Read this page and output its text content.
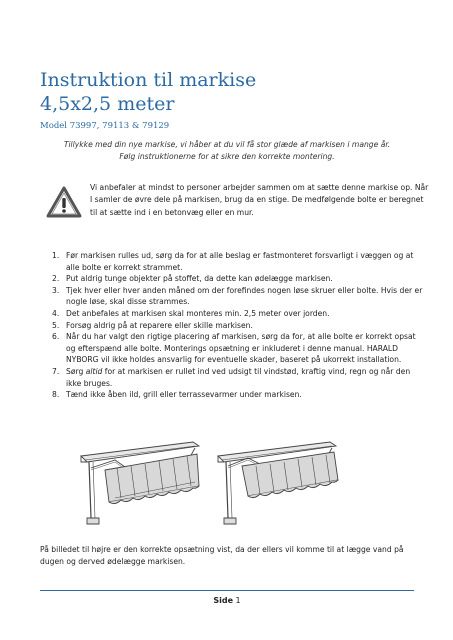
Instruktion til markise
4,5x2,5 meter
Model 73997, 79113 & 79129
Tillykke med din nye markise, vi håber at du vil få stor glæde af markisen i mange år.
Følg instruktionerne for at sikre den korrekte montering.
Vi anbefaler at mindst to personer arbejder sammen om at sætte denne markise op. Når I samler de øvre dele på markisen, brug da en stige. De medfølgende bolte er beregnet til at sætte ind i en betonvæg eller en mur.
1. Før markisen rulles ud, sørg da for at alle beslag er fastmonteret forsvarligt i væggen og at alle bolte er korrekt strammet.
2. Put aldrig tunge objekter på stoffet, da dette kan ødelægge markisen.
3. Tjek hver eller hver anden måned om der forefindes nogen løse skruer eller bolte. Hvis der er nogle løse, skal disse strammes.
4. Det anbefales at markisen skal monteres min. 2,5 meter over jorden.
5. Forsøg aldrig på at reparere eller skille markisen.
6. Når du har valgt den rigtige placering af markisen, sørg da for, at alle bolte er korrekt opsat og efterspænd alle bolte. Monterings opsætning er inkluderet i denne manual. HARALD NYBORG vil ikke holdes ansvarlig for eventuelle skader, baseret på ukorrekt installation.
7. Sørg altid for at markisen er rullet ind ved udsigt til vindstød, kraftig vind, regn og når den ikke bruges.
8. Tænd ikke åben ild, grill eller terrassevarmer under markisen.
På billedet til højre er den korrekte opsætning vist, da der ellers vil komme til at lægge vand på dugen og derved ødelægge markisen.
Side 1
